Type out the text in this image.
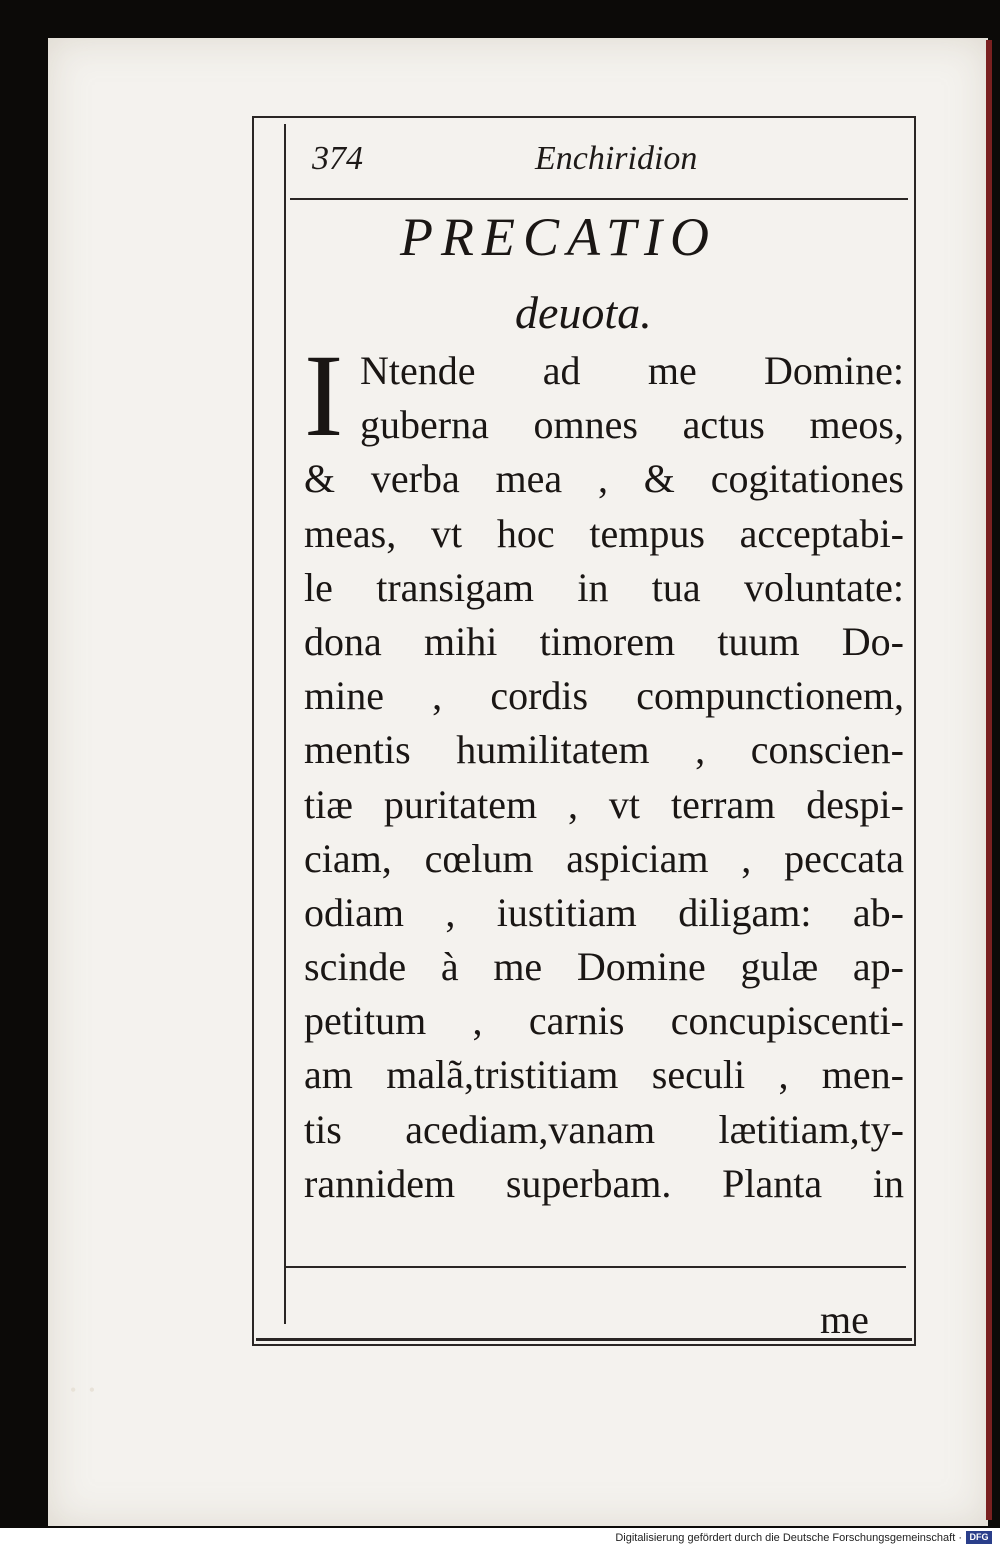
374	Enchiridion
PRECATIO
deuota.
I Ntende ad me Domine:
guberna omnes actus meos,
& verba mea , & cogitationes
meas, vt hoc tempus acceptabi-
le transigam in tua voluntate:
dona mihi timorem tuum Do-
mine , cordis compunctionem,
mentis humilitatem , conscien-
tiæ puritatem , vt terram despi-
ciam, cœlum aspiciam , peccata
odiam , iustitiam diligam: ab-
scinde à me Domine gulæ ap-
petitum , carnis concupiscenti-
am malã,tristitiam seculi , men-
tis acediam,vanam lætitiam,ty-
rannidem superbam. Planta in
me
• •
Digitalisierung gefördert durch die Deutsche Forschungsgemeinschaft · DFG
